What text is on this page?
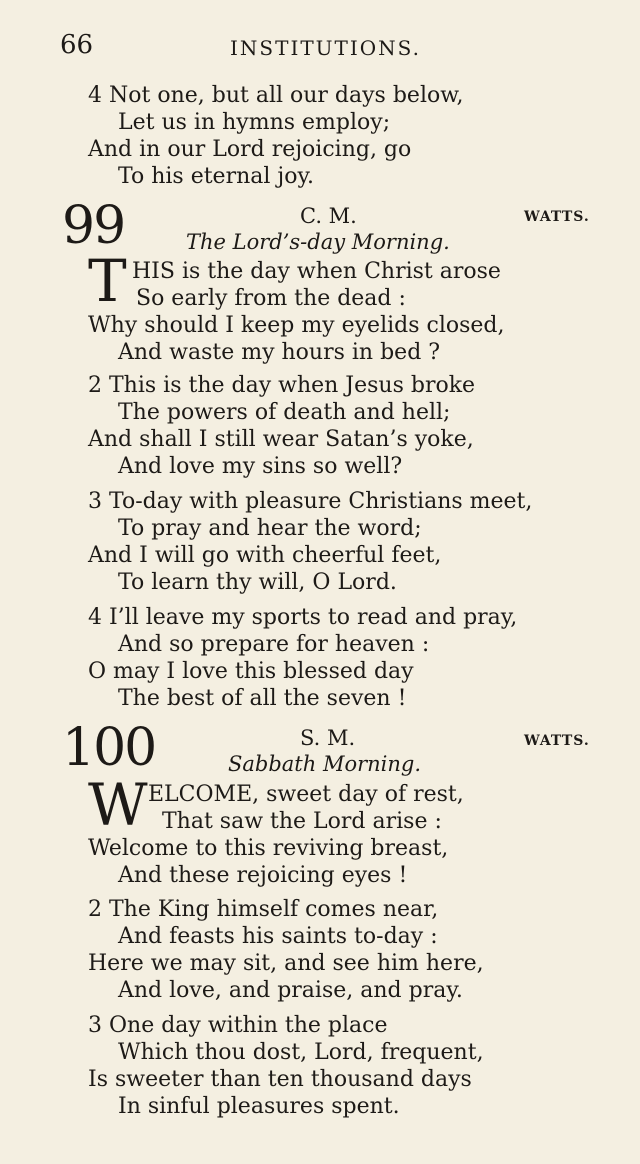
66	INSTITUTIONS.
4 Not one, but all our days below,
Let us in hymns employ;
And in our Lord rejoicing, go
To his eternal joy.
99	C. M.	WATTS.
The Lord’s-day Morning.
T HIS is the day when Christ arose
So early from the dead :
Why should I keep my eyelids closed,
And waste my hours in bed ?
2 This is the day when Jesus broke
The powers of death and hell;
And shall I still wear Satan’s yoke,
And love my sins so well?
3 To-day with pleasure Christians meet,
To pray and hear the word;
And I will go with cheerful feet,
To learn thy will, O Lord.
4 I’ll leave my sports to read and pray,
And so prepare for heaven :
O may I love this blessed day
The best of all the seven !
100	S. M.	WATTS.
Sabbath Morning.
W ELCOME, sweet day of rest,
That saw the Lord arise :
Welcome to this reviving breast,
And these rejoicing eyes !
2 The King himself comes near,
And feasts his saints to-day :
Here we may sit, and see him here,
And love, and praise, and pray.
3 One day within the place
Which thou dost, Lord, frequent,
Is sweeter than ten thousand days
In sinful pleasures spent.
